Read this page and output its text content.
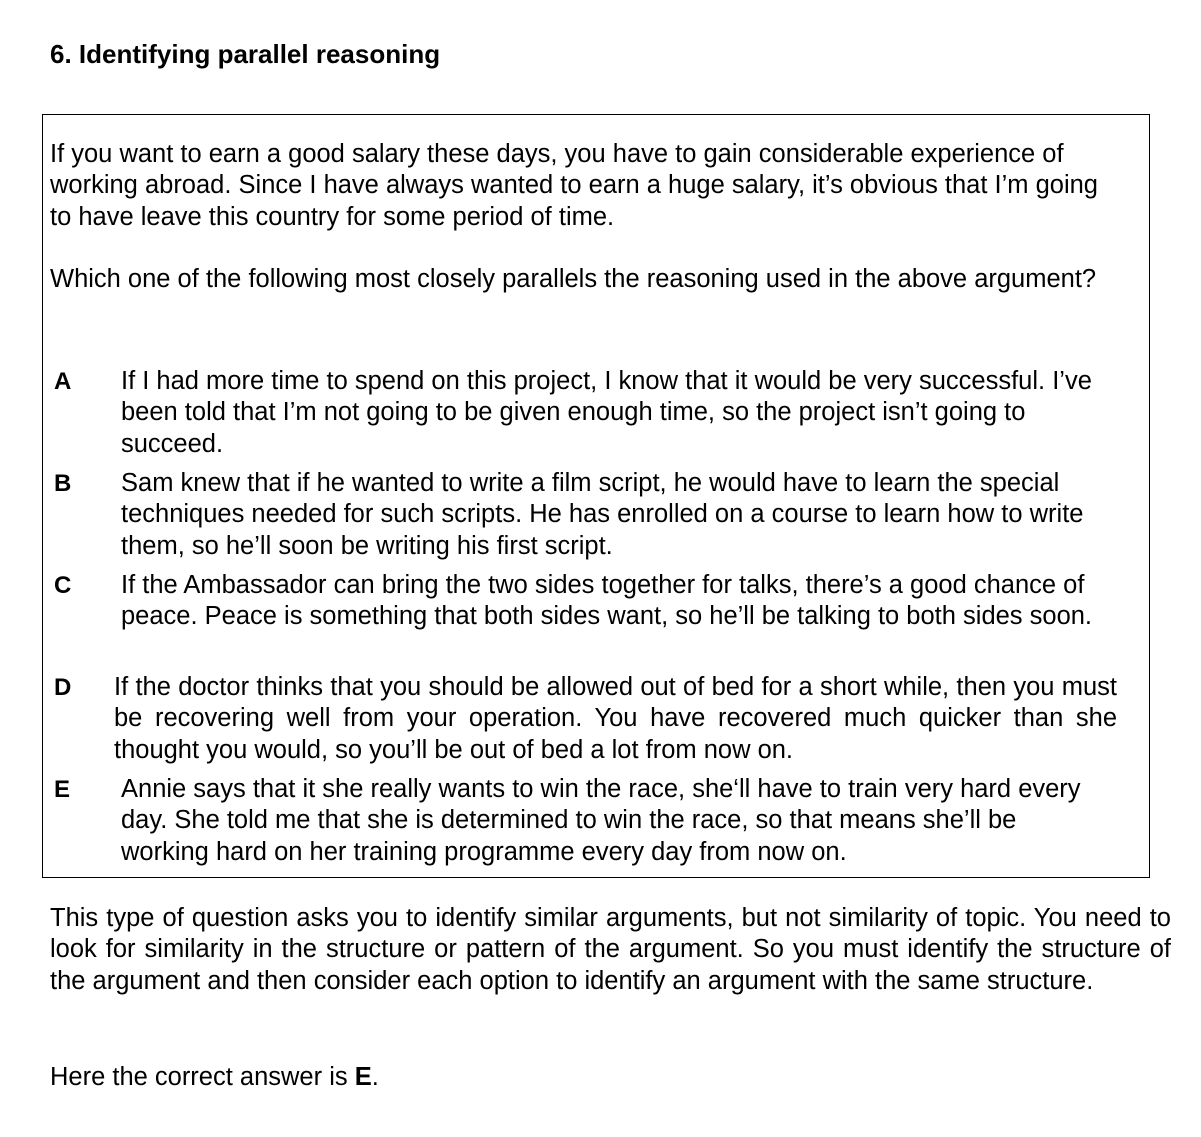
6. Identifying parallel reasoning

If you want to earn a good salary these days, you have to gain considerable experience of working abroad. Since I have always wanted to earn a huge salary, it’s obvious that I’m going to have leave this country for some period of time.

Which one of the following most closely parallels the reasoning used in the above argument?

A	If I had more time to spend on this project, I know that it would be very successful. I’ve been told that I’m not going to be given enough time, so the project isn’t going to succeed.

B	Sam knew that if he wanted to write a film script, he would have to learn the special techniques needed for such scripts. He has enrolled on a course to learn how to write them, so he’ll soon be writing his first script.

C	If the Ambassador can bring the two sides together for talks, there’s a good chance of peace. Peace is something that both sides want, so he’ll be talking to both sides soon.

D	If the doctor thinks that you should be allowed out of bed for a short while, then you must be recovering well from your operation. You have recovered much quicker than she thought you would, so you’ll be out of bed a lot from now on.

E	Annie says that it she really wants to win the race, she‘ll have to train very hard every day. She told me that she is determined to win the race, so that means she’ll be working hard on her training programme every day from now on.

This type of question asks you to identify similar arguments, but not similarity of topic. You need to look for similarity in the structure or pattern of the argument. So you must identify the structure of the argument and then consider each option to identify an argument with the same structure.

Here the correct answer is E.
